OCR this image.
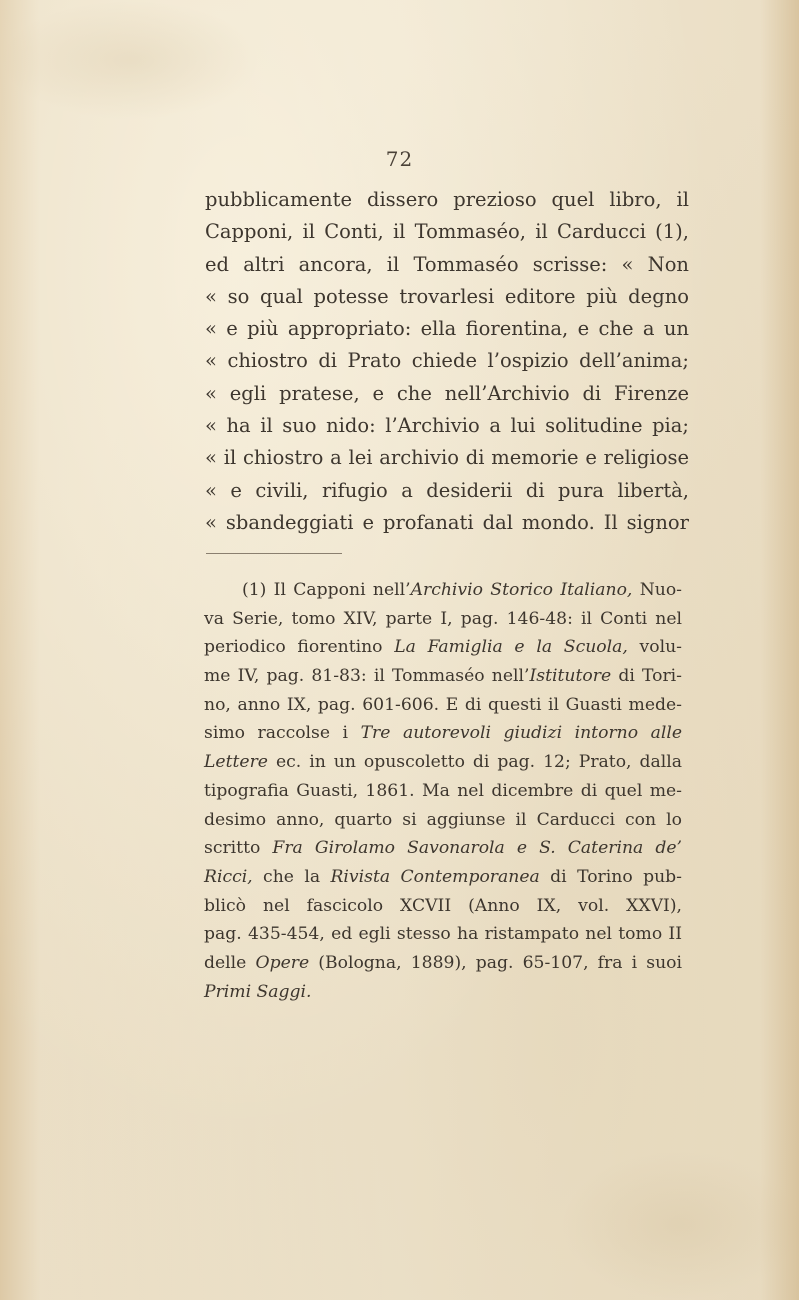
72
pubblicamente dissero prezioso quel libro, il
Capponi, il Conti, il Tommaséo, il Carducci (1),
ed altri ancora, il Tommaséo scrisse: « Non
« so qual potesse trovarlesi editore più degno
« e più appropriato: ella fiorentina, e che a un
« chiostro di Prato chiede l’ospizio dell’anima;
« egli pratese, e che nell’Archivio di Firenze
« ha il suo nido: l’Archivio a lui solitudine pia;
« il chiostro a lei archivio di memorie e religiose
« e civili, rifugio a desiderii di pura libertà,
« sbandeggiati e profanati dal mondo. Il signor
(1) Il Capponi nell’Archivio Storico Italiano, Nuo-
va Serie, tomo XIV, parte I, pag. 146-48: il Conti nel
periodico fiorentino La Famiglia e la Scuola, volu-
me IV, pag. 81-83: il Tommaséo nell’Istitutore di Tori-
no, anno IX, pag. 601-606. E di questi il Guasti mede-
simo raccolse i Tre autorevoli giudizi intorno alle
Lettere ec. in un opuscoletto di pag. 12; Prato, dalla
tipografia Guasti, 1861. Ma nel dicembre di quel me-
desimo anno, quarto si aggiunse il Carducci con lo
scritto Fra Girolamo Savonarola e S. Caterina de’
Ricci, che la Rivista Contemporanea di Torino pub-
blicò nel fascicolo XCVII (Anno IX, vol. XXVI),
pag. 435-454, ed egli stesso ha ristampato nel tomo II
delle Opere (Bologna, 1889), pag. 65-107, fra i suoi
Primi Saggi.
